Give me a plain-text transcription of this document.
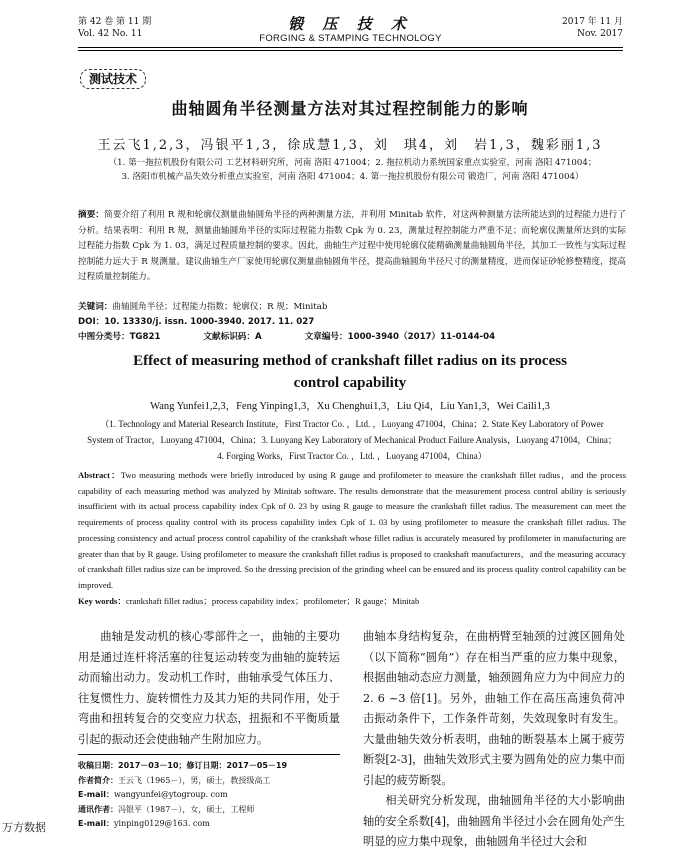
第 42 卷 第 11 期
Vol. 42 No. 11
锻 压 技 术
FORGING & STAMPING TECHNOLOGY
2017 年 11 月
Nov. 2017
测试技术
曲轴圆角半径测量方法对其过程控制能力的影响
王云飞1,2,3，冯银平1,3，徐成慧1,3，刘　琪4，刘　岩1,3，魏彩丽1,3
（1. 第一拖拉机股份有限公司 工艺材料研究所，河南 洛阳 471004；2. 拖拉机动力系统国家重点实验室，河南 洛阳 471004；
3. 洛阳市机械产品失效分析重点实验室，河南 洛阳 471004；4. 第一拖拉机股份有限公司 锻造厂，河南 洛阳 471004）
摘要：简要介绍了利用 R 规和轮廓仪测量曲轴圆角半径的两种测量方法，并利用 Minitab 软件，对这两种测量方法所能达到的过程能力进行了分析。结果表明：利用 R 规，测量曲轴圆角半径的实际过程能力指数 Cpk 为 0. 23，测量过程控制能力严重不足；而轮廓仪测量所达到的实际过程能力指数 Cpk 为 1. 03，满足过程质量控制的要求。因此，曲轴生产过程中使用轮廓仪能精确测量曲轴圆角半径，其加工一致性与实际过程控制能力远大于 R 规测量。建议曲轴生产厂家使用轮廓仪测量曲轴圆角半径，提高曲轴圆角半径尺寸的测量精度，进而保证砂轮修整精度，提高过程质量控制能力。
关键词：曲轴圆角半径；过程能力指数；轮廓仪；R 规；Minitab
DOI：10. 13330/j. issn. 1000-3940. 2017. 11. 027
中图分类号：TG821	文献标识码：A	文章编号：1000-3940（2017）11-0144-04
Effect of measuring method of crankshaft fillet radius on its process control capability
Wang Yunfei1,2,3，Feng Yinping1,3，Xu Chenghui1,3，Liu Qi4，Liu Yan1,3，Wei Caili1,3
（1. Technology and Material Research Institute，First Tractor Co. ，Ltd. ，Luoyang 471004，China；2. State Key Laboratory of Power
System of Tractor，Luoyang 471004，China；3. Luoyang Key Laboratory of Mechanical Product Failure Analysis，Luoyang 471004，China；
4. Forging Works，First Tractor Co. ，Ltd. ，Luoyang 471004，China）
Abstract：Two measuring methods were briefly introduced by using R gauge and profilometer to measure the crankshaft fillet radius，and the process capability of each measuring method was analyzed by Minitab software. The results demonstrate that the measurement process control ability is seriously insufficient with its actual process capability index Cpk of 0. 23 by using R gauge to measure the crankshaft fillet radius. The measurement can meet the requirements of process quality control with its process capability index Cpk of 1. 03 by using profilometer to measure the crankshaft fillet radius. The processing consistency and actual process control capability of the crankshaft whose fillet radius is accurately measured by profilometer in manufacturing are greater than that by R gauge. Using profilometer to measure the crankshaft fillet radius is proposed to crankshaft manufacturers，and the measuring accuracy of crankshaft fillet radius size can be improved. So the dressing precision of the grinding wheel can be ensured and its process quality control capability can be improved.
Key words：crankshaft fillet radius；process capability index；profilometer；R gauge；Minitab

曲轴是发动机的核心零部件之一，曲轴的主要功用是通过连杆将活塞的往复运动转变为曲轴的旋转运动而输出动力。发动机工作时，曲轴承受气体压力、往复惯性力、旋转惯性力及其力矩的共同作用，处于弯曲和扭转复合的交变应力状态，扭振和不平衡质量引起的振动还会使曲轴产生附加应力。

曲轴本身结构复杂，在曲柄臂至轴颈的过渡区圆角处（以下简称“圆角”）存在相当严重的应力集中现象，根据曲轴动态应力测量，轴颈圆角应力为中间应力的 2. 6 ~3 倍[1]。另外，曲轴工作在高压高速负荷冲击振动条件下，工作条件苛刻，失效现象时有发生。大量曲轴失效分析表明，曲轴的断裂基本上属于疲劳断裂[2-3]，曲轴失效形式主要为圆角处的应力集中而引起的疲劳断裂。

相关研究分析发现，曲轴圆角半径的大小影响曲轴的安全系数[4]，曲轴圆角半径过小会在圆角处产生明显的应力集中现象，曲轴圆角半径过大会和

收稿日期：2017－03－10；修订日期：2017－05－19
作者简介：王云飞（1965－），男，硕士，教授级高工
E-mail：wangyunfei@ytogroup. com
通讯作者：冯银平（1987－），女，硕士，工程师
E-mail：yinping0129@163. com
万方数据
